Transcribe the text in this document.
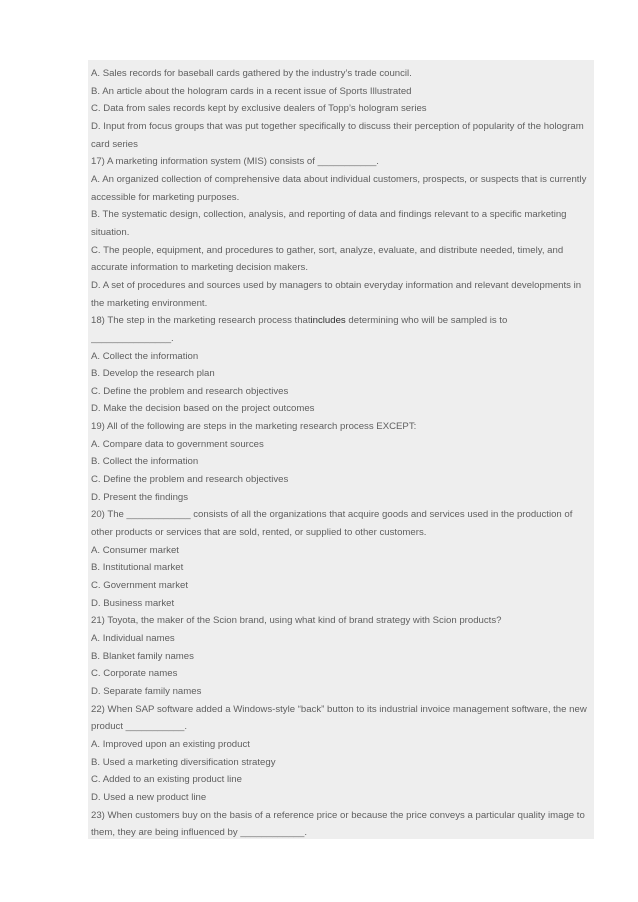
A. Sales records for baseball cards gathered by the industry’s trade council.
B. An article about the hologram cards in a recent issue of Sports Illustrated
C. Data from sales records kept by exclusive dealers of Topp’s hologram series
D. Input from focus groups that was put together specifically to discuss their perception of popularity of the hologram
card series
17) A marketing information system (MIS) consists of ___________.
A. An organized collection of comprehensive data about individual customers, prospects, or suspects that is currently
accessible for marketing purposes.
B. The systematic design, collection, analysis, and reporting of data and findings relevant to a specific marketing
situation.
C. The people, equipment, and procedures to gather, sort, analyze, evaluate, and distribute needed, timely, and
accurate information to marketing decision makers.
D. A set of procedures and sources used by managers to obtain everyday information and relevant developments in
the marketing environment.
18) The step in the marketing research process thatincludes determining who will be sampled is to
_______________.
A. Collect the information
B. Develop the research plan
C. Define the problem and research objectives
D. Make the decision based on the project outcomes
19) All of the following are steps in the marketing research process EXCEPT:
A. Compare data to government sources
B. Collect the information
C. Define the problem and research objectives
D. Present the findings
20) The ____________ consists of all the organizations that acquire goods and services used in the production of
other products or services that are sold, rented, or supplied to other customers.
A. Consumer market
B. Institutional market
C. Government market
D. Business market
21) Toyota, the maker of the Scion brand, using what kind of brand strategy with Scion products?
A. Individual names
B. Blanket family names
C. Corporate names
D. Separate family names
22) When SAP software added a Windows-style “back” button to its industrial invoice management software, the new
product ___________.
A. Improved upon an existing product
B. Used a marketing diversification strategy
C. Added to an existing product line
D. Used a new product line
23) When customers buy on the basis of a reference price or because the price conveys a particular quality image to
them, they are being influenced by ____________.
